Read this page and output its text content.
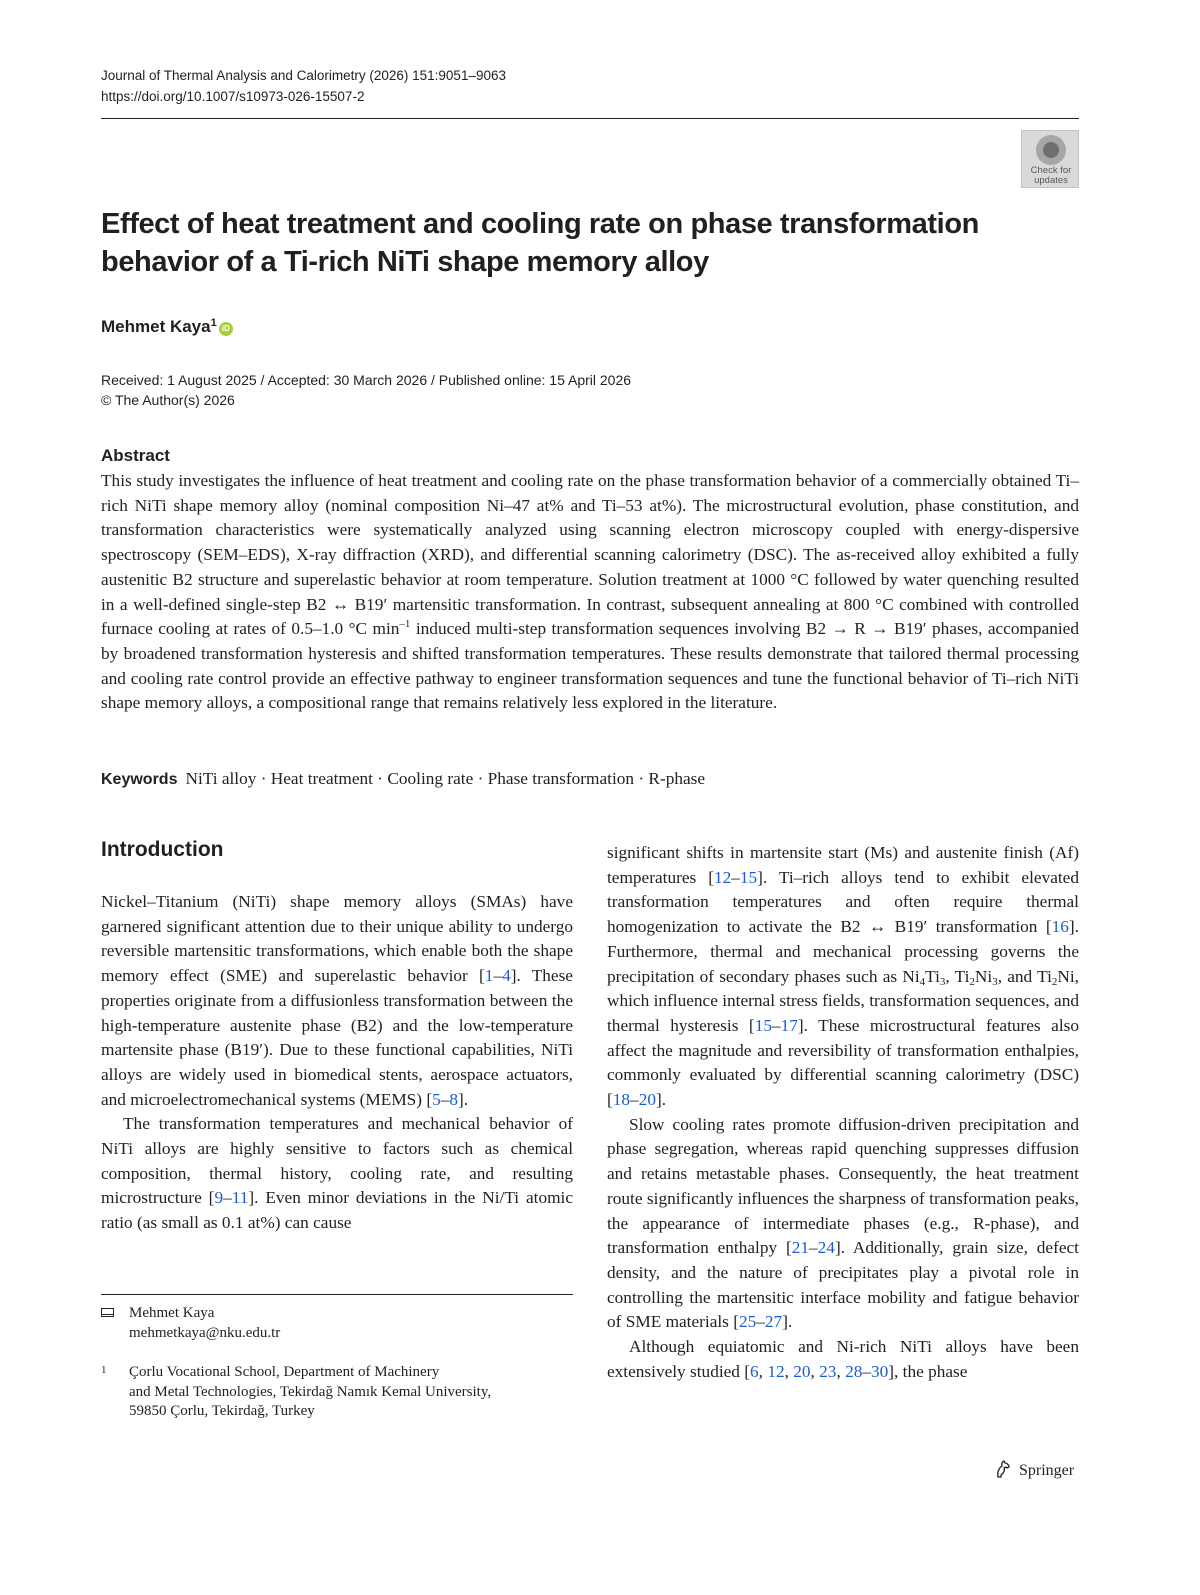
Journal of Thermal Analysis and Calorimetry (2026) 151:9051–9063
https://doi.org/10.1007/s10973-026-15507-2
Check for
updates
Effect of heat treatment and cooling rate on phase transformation
behavior of a Ti‑rich NiTi shape memory alloy
Mehmet Kaya$^1$ iD
Received: 1 August 2025 / Accepted: 30 March 2026 / Published online: 15 April 2026
© The Author(s) 2026
Abstract
This study investigates the influence of heat treatment and cooling rate on the phase transformation behavior of a commercially obtained Ti–rich NiTi shape memory alloy (nominal composition Ni–47 at% and Ti–53 at%). The microstructural evolution, phase constitution, and transformation characteristics were systematically analyzed using scanning electron microscopy coupled with energy-dispersive spectroscopy (SEM–EDS), X-ray diffraction (XRD), and differential scanning calorimetry (DSC). The as-received alloy exhibited a fully austenitic B2 structure and superelastic behavior at room temperature. Solution treatment at 1000 °C followed by water quenching resulted in a well-defined single-step B2 ↔ B19′ martensitic transformation. In contrast, subsequent annealing at 800 °C combined with controlled furnace cooling at rates of 0.5–1.0 °C $\min^{-1}$ induced multi-step transformation sequences involving B2 → R → B19′ phases, accompanied by broadened transformation hysteresis and shifted transformation temperatures. These results demonstrate that tailored thermal processing and cooling rate control provide an effective pathway to engineer transformation sequences and tune the functional behavior of Ti–rich NiTi shape memory alloys, a compositional range that remains relatively less explored in the literature.
Keywords NiTi alloy · Heat treatment · Cooling rate · Phase transformation · R-phase
Introduction

Nickel–Titanium (NiTi) shape memory alloys (SMAs) have garnered significant attention due to their unique ability to undergo reversible martensitic transformations, which enable both the shape memory effect (SME) and superelastic behavior [1–4]. These properties originate from a diffusionless transformation between the high-temperature austenite phase (B2) and the low-temperature martensite phase (B19′). Due to these functional capabilities, NiTi alloys are widely used in biomedical stents, aerospace actuators, and microelectromechanical systems (MEMS) [5–8].

The transformation temperatures and mechanical behavior of NiTi alloys are highly sensitive to factors such as chemical composition, thermal history, cooling rate, and resulting microstructure [9–11]. Even minor deviations in the Ni/Ti atomic ratio (as small as 0.1 at%) can cause

significant shifts in martensite start (Ms) and austenite finish (Af) temperatures [12–15]. Ti–rich alloys tend to exhibit elevated transformation temperatures and often require thermal homogenization to activate the B2 ↔ B19′ transformation [16]. Furthermore, thermal and mechanical processing governs the precipitation of secondary phases such as $Ni_4Ti_3$, $Ti_2Ni_3$, and $Ti_2Ni$, which influence internal stress fields, transformation sequences, and thermal hysteresis [15–17]. These microstructural features also affect the magnitude and reversibility of transformation enthalpies, commonly evaluated by differential scanning calorimetry (DSC) [18–20].

Slow cooling rates promote diffusion-driven precipitation and phase segregation, whereas rapid quenching suppresses diffusion and retains metastable phases. Consequently, the heat treatment route significantly influences the sharpness of transformation peaks, the appearance of intermediate phases (e.g., R-phase), and transformation enthalpy [21–24]. Additionally, grain size, defect density, and the nature of precipitates play a pivotal role in controlling the martensitic interface mobility and fatigue behavior of SME materials [25–27].

Although equiatomic and Ni-rich NiTi alloys have been extensively studied [6, 12, 20, 23, 28–30], the phase

Mehmet Kaya
mehmetkaya@nku.edu.tr
1 Çorlu Vocational School, Department of Machinery
and Metal Technologies, Tekirdağ Namık Kemal University,
59850 Çorlu, Tekirdağ, Turkey
Springer
